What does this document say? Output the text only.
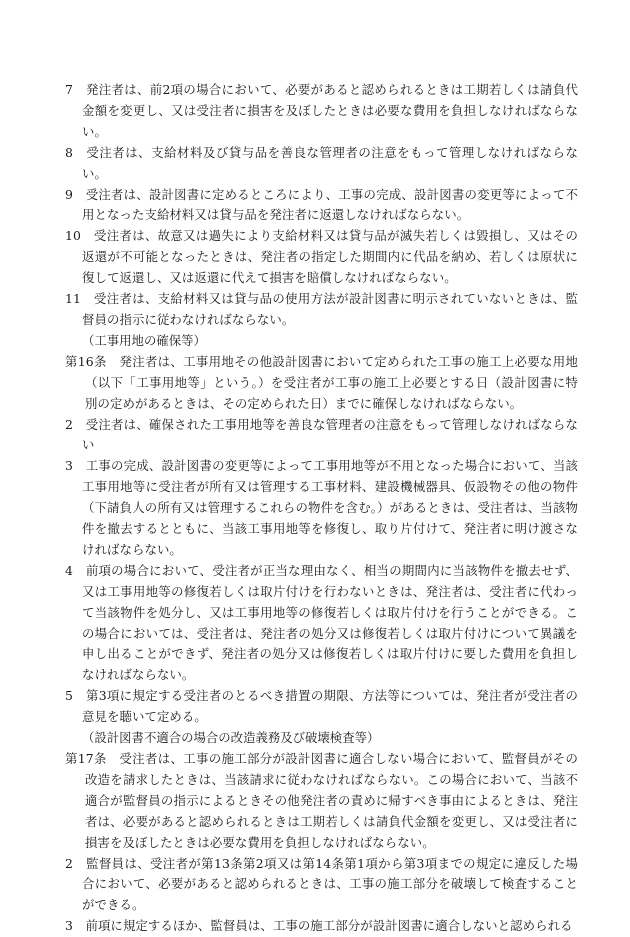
7　発注者は、前2項の場合において、必要があると認められるときは工期若しくは請負代金額を変更し、又は受注者に損害を及ぼしたときは必要な費用を負担しなければならない。

8　受注者は、支給材料及び貸与品を善良な管理者の注意をもって管理しなければならない。

9　受注者は、設計図書に定めるところにより、工事の完成、設計図書の変更等によって不用となった支給材料又は貸与品を発注者に返還しなければならない。

10　受注者は、故意又は過失により支給材料又は貸与品が滅失若しくは毀損し、又はその返還が不可能となったときは、発注者の指定した期間内に代品を納め、若しくは原状に復して返還し、又は返還に代えて損害を賠償しなければならない。

11　受注者は、支給材料又は貸与品の使用方法が設計図書に明示されていないときは、監督員の指示に従わなければならない。

（工事用地の確保等）

第16条　発注者は、工事用地その他設計図書において定められた工事の施工上必要な用地（以下「工事用地等」という。）を受注者が工事の施工上必要とする日（設計図書に特別の定めがあるときは、その定められた日）までに確保しなければならない。

2　受注者は、確保された工事用地等を善良な管理者の注意をもって管理しなければならない

3　工事の完成、設計図書の変更等によって工事用地等が不用となった場合において、当該工事用地等に受注者が所有又は管理する工事材料、建設機械器具、仮設物その他の物件（下請負人の所有又は管理するこれらの物件を含む。）があるときは、受注者は、当該物件を撤去するとともに、当該工事用地等を修復し、取り片付けて、発注者に明け渡さなければならない。

4　前項の場合において、受注者が正当な理由なく、相当の期間内に当該物件を撤去せず、又は工事用地等の修復若しくは取片付けを行わないときは、発注者は、受注者に代わって当該物件を処分し、又は工事用地等の修復若しくは取片付けを行うことができる。この場合においては、受注者は、発注者の処分又は修復若しくは取片付けについて異議を申し出ることができず、発注者の処分又は修復若しくは取片付けに要した費用を負担しなければならない。

5　第3項に規定する受注者のとるべき措置の期限、方法等については、発注者が受注者の意見を聴いて定める。

（設計図書不適合の場合の改造義務及び破壊検査等）

第17条　受注者は、工事の施工部分が設計図書に適合しない場合において、監督員がその改造を請求したときは、当該請求に従わなければならない。この場合において、当該不適合が監督員の指示によるときその他発注者の責めに帰すべき事由によるときは、発注者は、必要があると認められるときは工期若しくは請負代金額を変更し、又は受注者に損害を及ぼしたときは必要な費用を負担しなければならない。

2　監督員は、受注者が第13条第2項又は第14条第1項から第3項までの規定に違反した場合において、必要があると認められるときは、工事の施工部分を破壊して検査することができる。

3　前項に規定するほか、監督員は、工事の施工部分が設計図書に適合しないと認められる
